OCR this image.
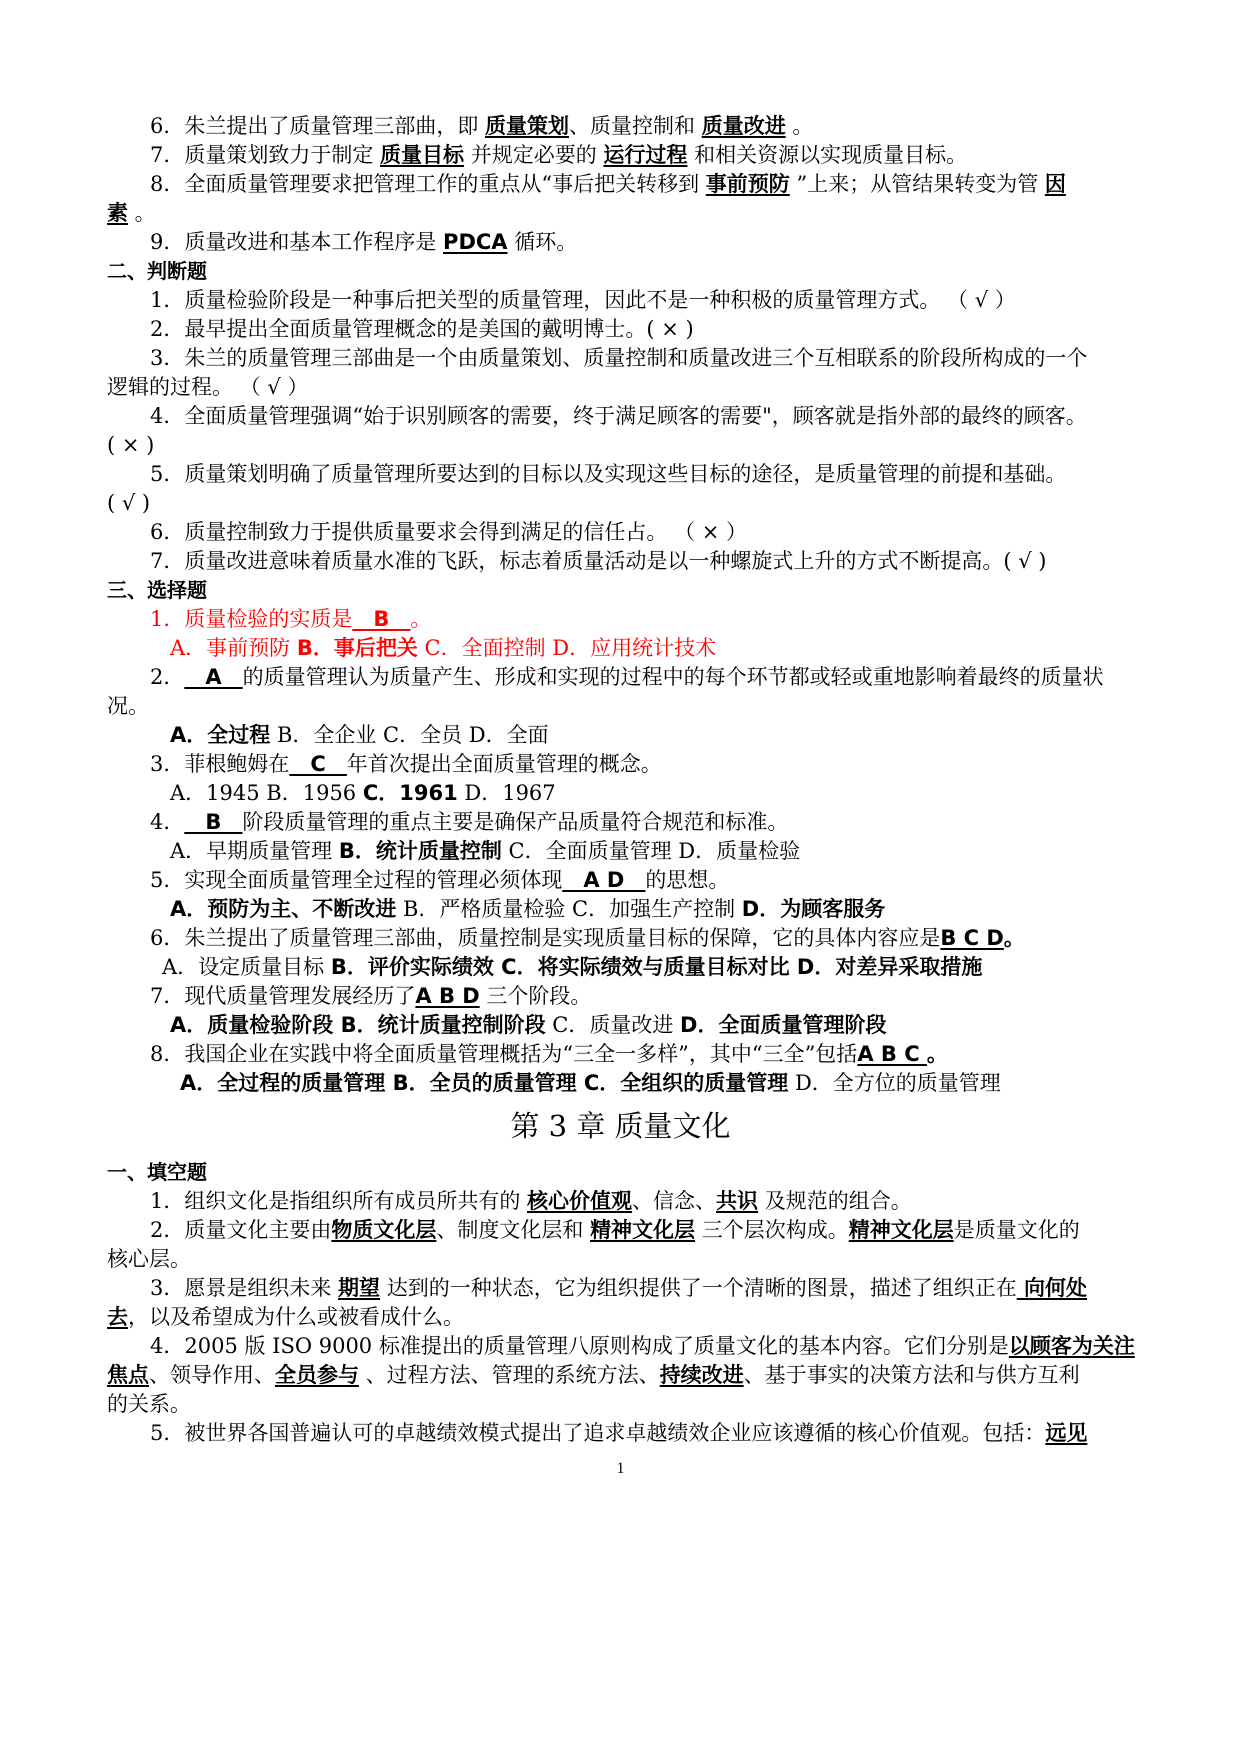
6．朱兰提出了质量管理三部曲，即 质量策划、质量控制和 质量改进 。
7．质量策划致力于制定 质量目标 并规定必要的 运行过程 和相关资源以实现质量目标。
8．全面质量管理要求把管理工作的重点从“事后把关转移到 事前预防 ”上来；从管结果转变为管 因
素 。
9．质量改进和基本工作程序是 PDCA 循环。
二、判断题
1．质量检验阶段是一种事后把关型的质量管理，因此不是一种积极的质量管理方式。 （ √ ）
2．最早提出全面质量管理概念的是美国的戴明博士。( × )
3．朱兰的质量管理三部曲是一个由质量策划、质量控制和质量改进三个互相联系的阶段所构成的一个
逻辑的过程。 （ √ ）
4．全面质量管理强调“始于识别顾客的需要，终于满足顾客的需要"，顾客就是指外部的最终的顾客。
( × )
5．质量策划明确了质量管理所要达到的目标以及实现这些目标的途径，是质量管理的前提和基础。
( √ )
6．质量控制致力于提供质量要求会得到满足的信任占。 （ × ）
7．质量改进意味着质量水准的飞跃，标志着质量活动是以一种螺旋式上升的方式不断提高。( √ )
三、选择题
1．质量检验的实质是__B__。
A．事前预防 B．事后把关 C．全面控制 D．应用统计技术
2．__A__的质量管理认为质量产生、形成和实现的过程中的每个环节都或轻或重地影响着最终的质量状
况。
A．全过程 B．全企业 C．全员 D．全面
3．菲根鲍姆在__C__年首次提出全面质量管理的概念。
A．1945 B．1956 C．1961 D．1967
4．__B__阶段质量管理的重点主要是确保产品质量符合规范和标准。
A．早期质量管理 B．统计质量控制 C．全面质量管理 D．质量检验
5．实现全面质量管理全过程的管理必须体现__A D__的思想。
A．预防为主、不断改进 B．严格质量检验 C．加强生产控制 D．为顾客服务
6．朱兰提出了质量管理三部曲，质量控制是实现质量目标的保障，它的具体内容应是B C D。
A．设定质量目标 B．评价实际绩效 C．将实际绩效与质量目标对比 D．对差异采取措施
7．现代质量管理发展经历了A B D 三个阶段。
A．质量检验阶段 B．统计质量控制阶段 C．质量改进 D．全面质量管理阶段
8．我国企业在实践中将全面质量管理概括为“三全一多样”，其中“三全”包括A B C 。
A．全过程的质量管理 B．全员的质量管理 C．全组织的质量管理 D．全方位的质量管理
第 3 章 质量文化
一、填空题
1．组织文化是指组织所有成员所共有的 核心价值观、信念、共识 及规范的组合。
2．质量文化主要由物质文化层、制度文化层和 精神文化层 三个层次构成。精神文化层是质量文化的
核心层。
3．愿景是组织未来 期望 达到的一种状态，它为组织提供了一个清晰的图景，描述了组织正在 向何处
去，以及希望成为什么或被看成什么。
4．2005 版 ISO 9000 标准提出的质量管理八原则构成了质量文化的基本内容。它们分别是以顾客为关注
焦点、领导作用、全员参与 、过程方法、管理的系统方法、持续改进、基于事实的决策方法和与供方互利
的关系。
5．被世界各国普遍认可的卓越绩效模式提出了追求卓越绩效企业应该遵循的核心价值观。包括：远见
1
